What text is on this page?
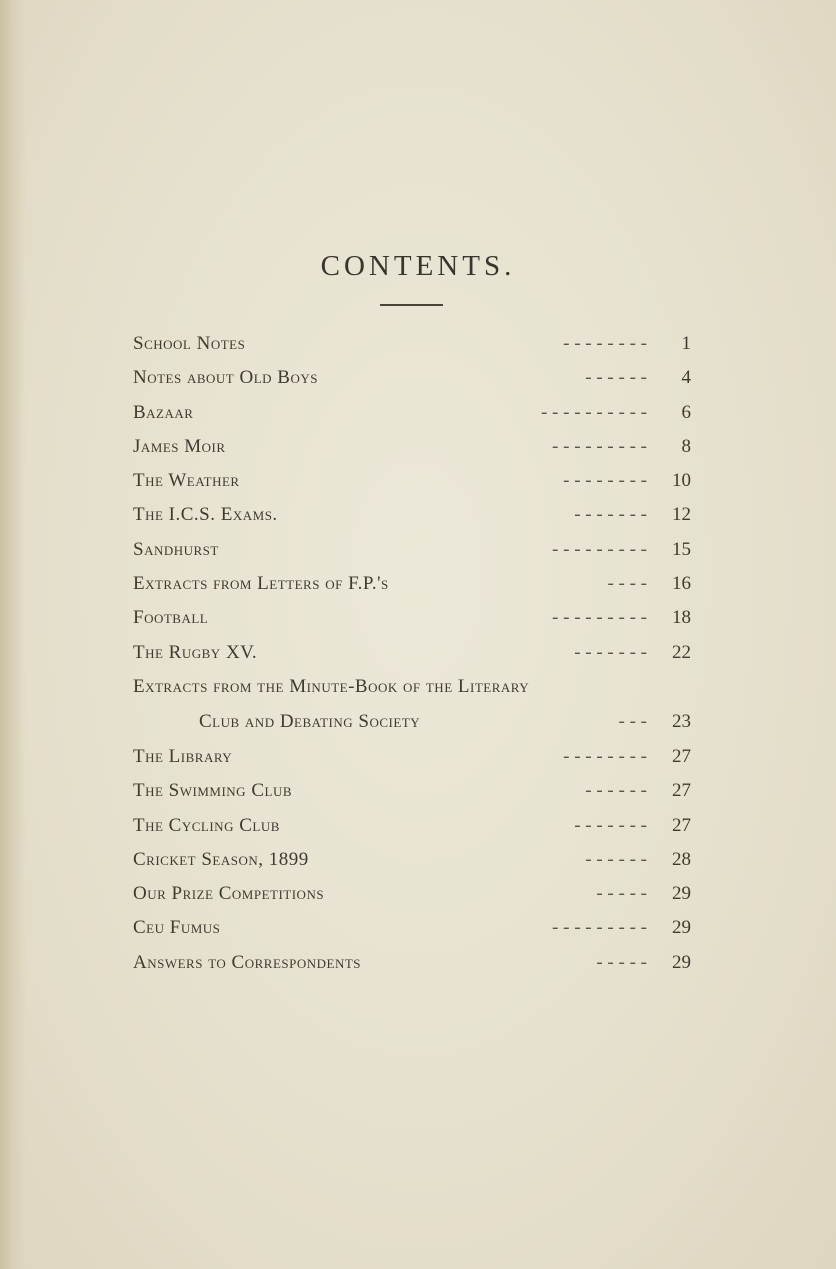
CONTENTS.
School Notes	- - - - - - - -	1
Notes about Old Boys	- - - - - -	4
Bazaar	- - - - - - - - - -	6
James Moir	- - - - - - - - -	8
The Weather	- - - - - - - -	10
The I.C.S. Exams.	- - - - - - -	12
Sandhurst	- - - - - - - - -	15
Extracts from Letters of F.P.'s	- - - -	16
Football	- - - - - - - - -	18
The Rugby XV.	- - - - - - -	22
Extracts from the Minute-Book of the Literary
Club and Debating Society	- - -	23
The Library	- - - - - - - -	27
The Swimming Club	- - - - - -	27
The Cycling Club	- - - - - - -	27
Cricket Season, 1899	- - - - - -	28
Our Prize Competitions	- - - - -	29
Ceu Fumus	- - - - - - - - -	29
Answers to Correspondents	- - - - -	29
